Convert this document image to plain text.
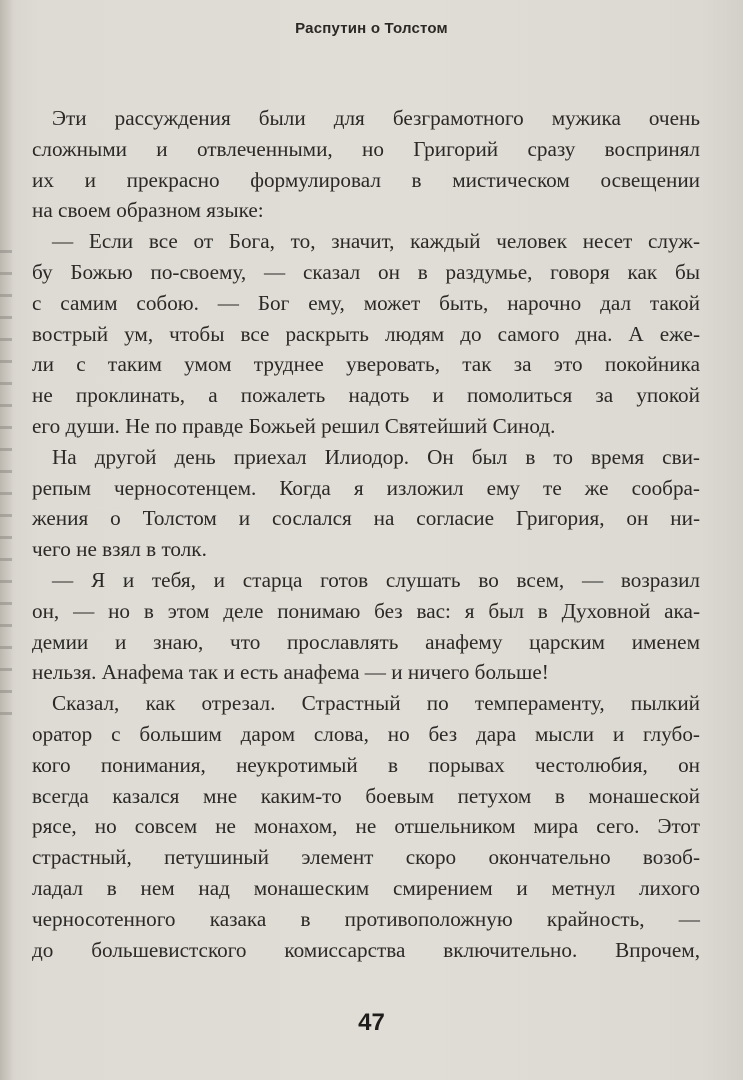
Распутин о Толстом

Эти рассуждения были для безграмотного мужика очень
сложными и отвлеченными, но Григорий сразу воспринял
их и прекрасно формулировал в мистическом освещении
на своем образном языке:

— Если все от Бога, то, значит, каждый человек несет служ-
бу Божью по-своему, — сказал он в раздумье, говоря как бы
с самим собою. — Бог ему, может быть, нарочно дал такой
вострый ум, чтобы все раскрыть людям до самого дна. А еже-
ли с таким умом труднее уверовать, так за это покойника
не проклинать, а пожалеть надоть и помолиться за упокой
его души. Не по правде Божьей решил Святейший Синод.

На другой день приехал Илиодор. Он был в то время сви-
репым черносотенцем. Когда я изложил ему те же сообра-
жения о Толстом и сослался на согласие Григория, он ни-
чего не взял в толк.

— Я и тебя, и старца готов слушать во всем, — возразил
он, — но в этом деле понимаю без вас: я был в Духовной ака-
демии и знаю, что прославлять анафему царским именем
нельзя. Анафема так и есть анафема — и ничего больше!

Сказал, как отрезал. Страстный по темпераменту, пылкий
оратор с большим даром слова, но без дара мысли и глубо-
кого понимания, неукротимый в порывах честолюбия, он
всегда казался мне каким-то боевым петухом в монашеской
рясе, но совсем не монахом, не отшельником мира сего. Этот
страстный, петушиный элемент скоро окончательно возоб-
ладал в нем над монашеским смирением и метнул лихого
черносотенного казака в противоположную крайность, —
до большевистского комиссарства включительно. Впрочем,

47
